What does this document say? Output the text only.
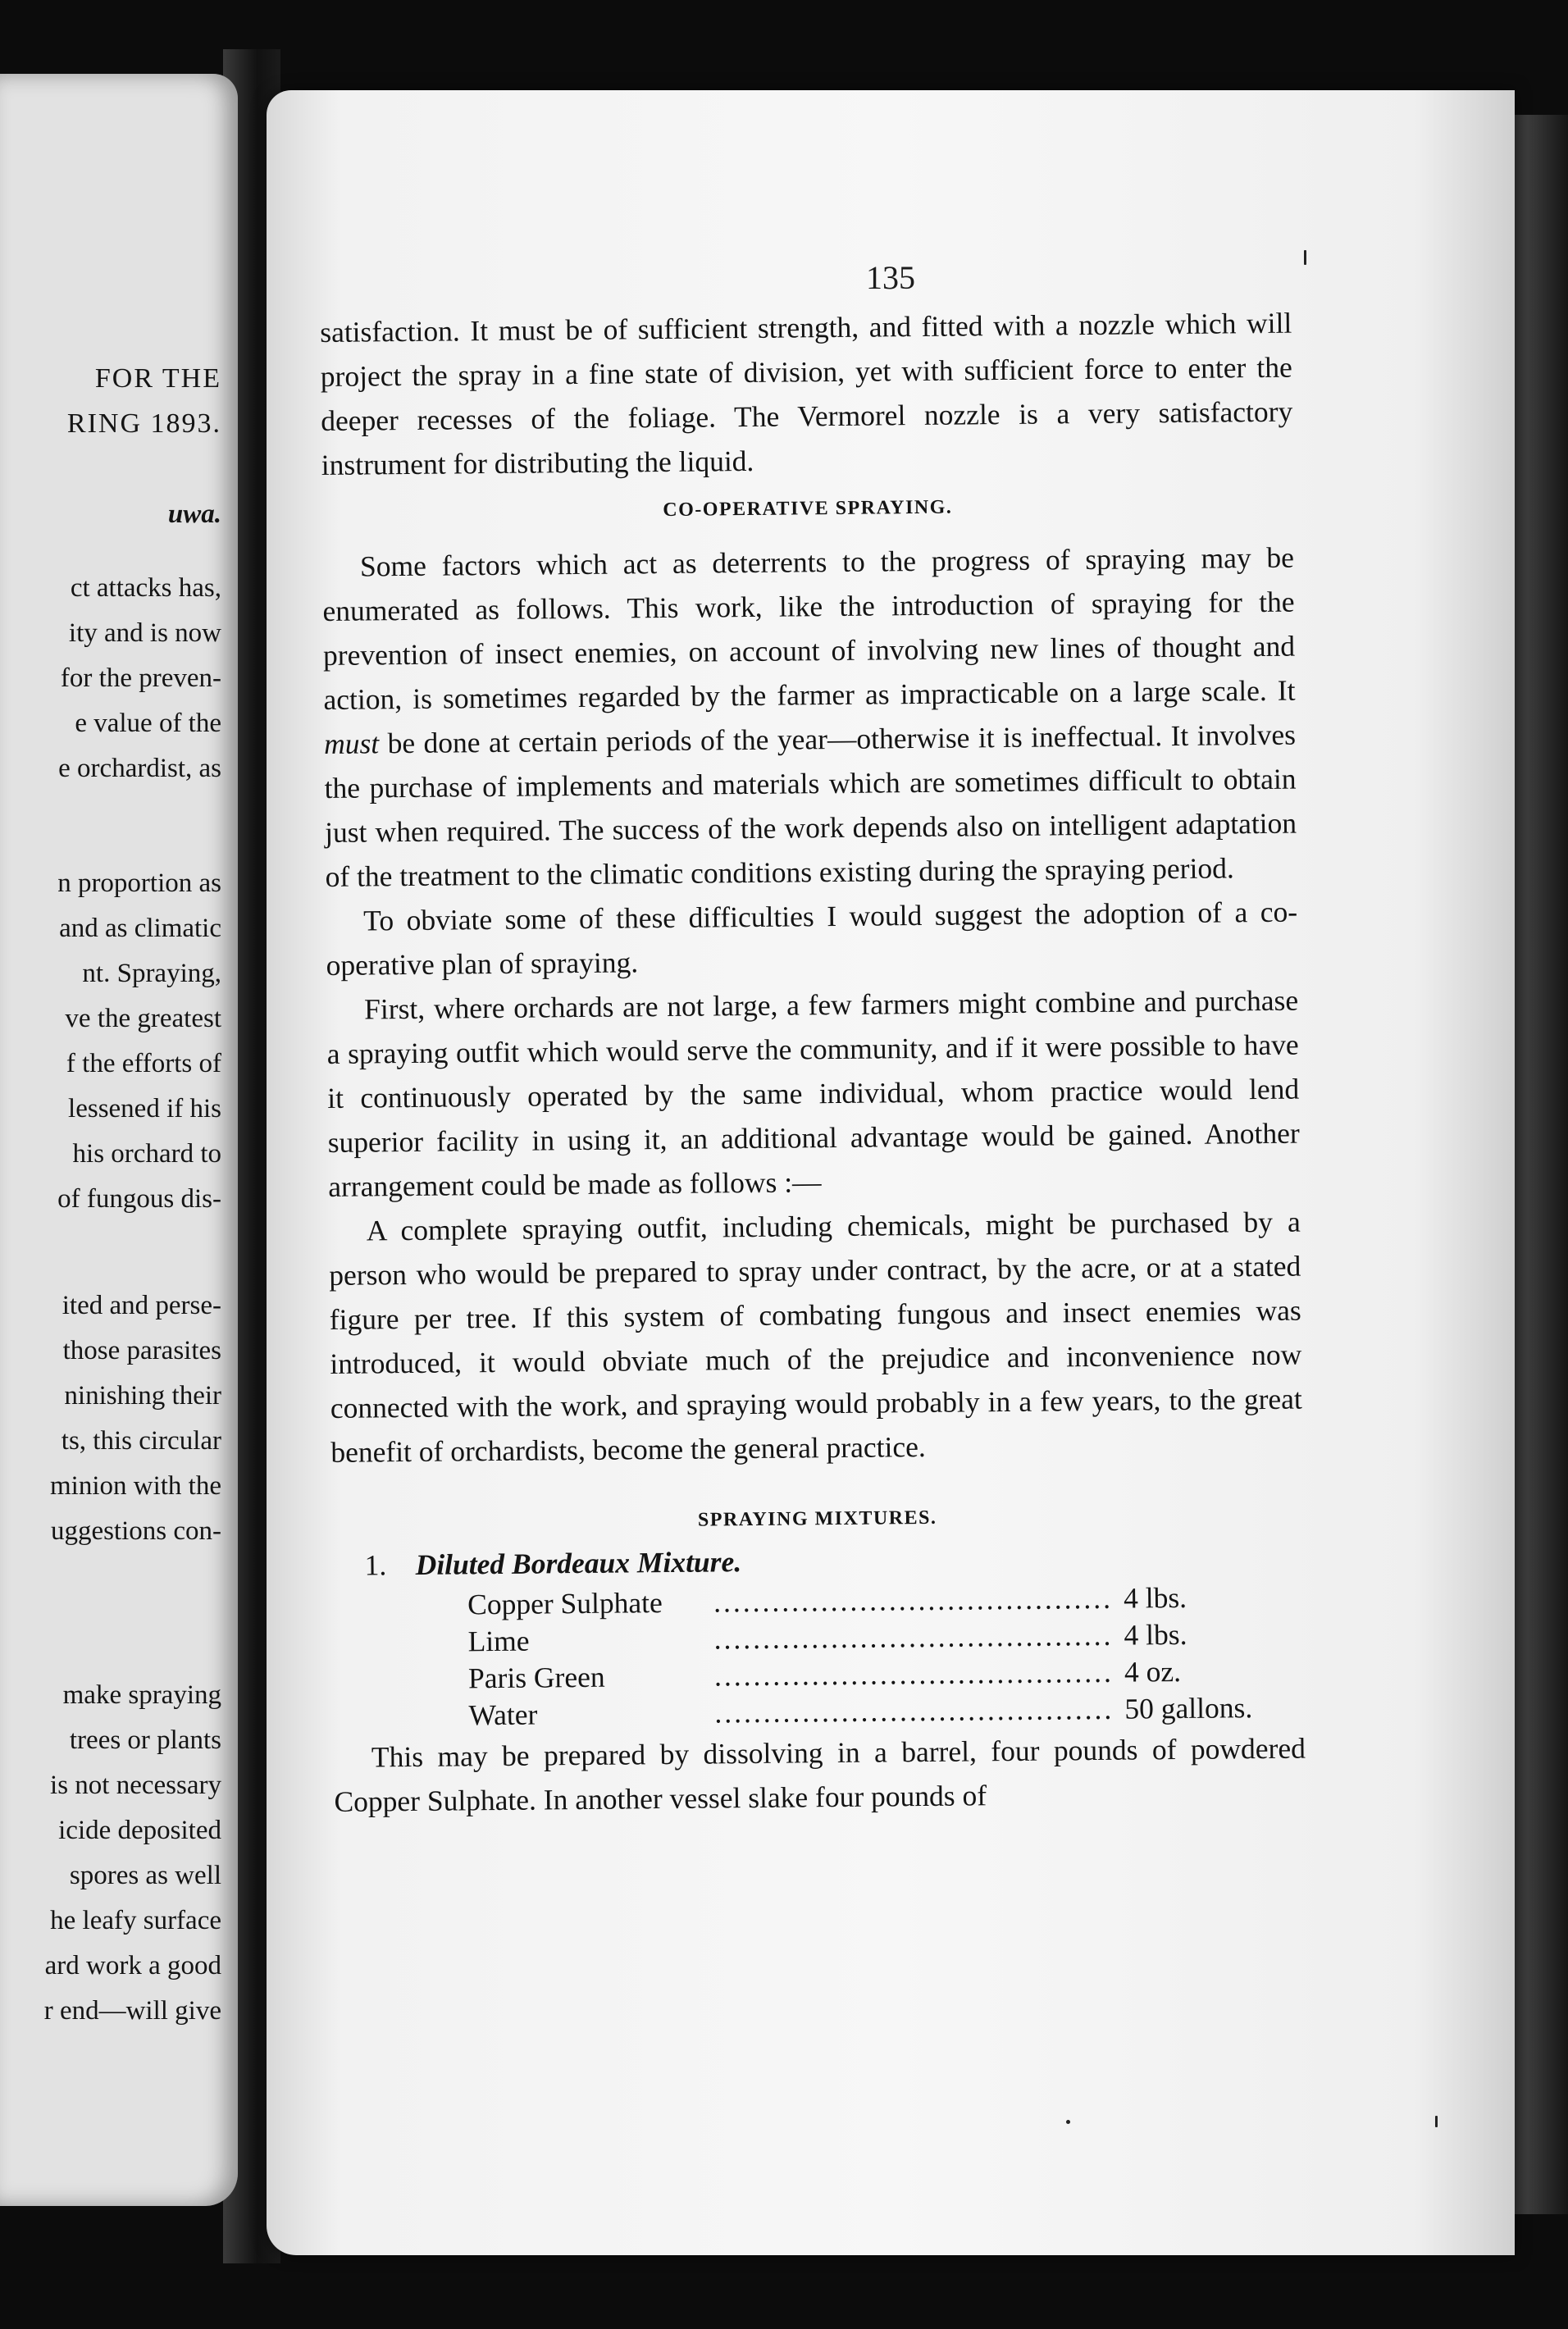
FOR THE
RING 1893.
uwa.
ct attacks has,
ity and is now
for the preven-
e value of the
e orchardist, as
n proportion as
and as climatic
nt. Spraying,
ve the greatest
f the efforts of
lessened if his
his orchard to
of fungous dis-
ited and perse-
those parasites
ninishing their
ts, this circular
minion with the
uggestions con-
make spraying
trees or plants
is not necessary
icide deposited
spores as well
he leafy surface
ard work a good
r end—will give
135

satisfaction. It must be of sufficient strength, and fitted with a nozzle which will project the spray in a fine state of division, yet with sufficient force to enter the deeper recesses of the foliage. The Vermorel nozzle is a very satisfactory instrument for distributing the liquid.

CO-OPERATIVE SPRAYING.

Some factors which act as deterrents to the progress of spraying may be enumerated as follows. This work, like the introduction of spraying for the prevention of insect enemies, on account of involving new lines of thought and action, is sometimes regarded by the farmer as impracticable on a large scale. It must be done at certain periods of the year—otherwise it is ineffectual. It involves the purchase of implements and materials which are sometimes difficult to obtain just when required. The success of the work depends also on intelligent adaptation of the treatment to the climatic conditions existing during the spraying period.

To obviate some of these difficulties I would suggest the adoption of a co-operative plan of spraying.

First, where orchards are not large, a few farmers might combine and purchase a spraying outfit which would serve the community, and if it were possible to have it continuously operated by the same individual, whom practice would lend superior facility in using it, an additional advantage would be gained. Another arrangement could be made as follows :—

A complete spraying outfit, including chemicals, might be purchased by a person who would be prepared to spray under contract, by the acre, or at a stated figure per tree. If this system of combating fungous and insect enemies was introduced, it would obviate much of the prejudice and inconvenience now connected with the work, and spraying would probably in a few years, to the great benefit of orchardists, become the general practice.

SPRAYING MIXTURES.
1. Diluted Bordeaux Mixture.
Copper Sulphate	.........................................	4 lbs.
Lime	.........................................	4 lbs.
Paris Green	.........................................	4 oz.
Water	.........................................	50 gallons.

This may be prepared by dissolving in a barrel, four pounds of powdered Copper Sulphate. In another vessel slake four pounds of
